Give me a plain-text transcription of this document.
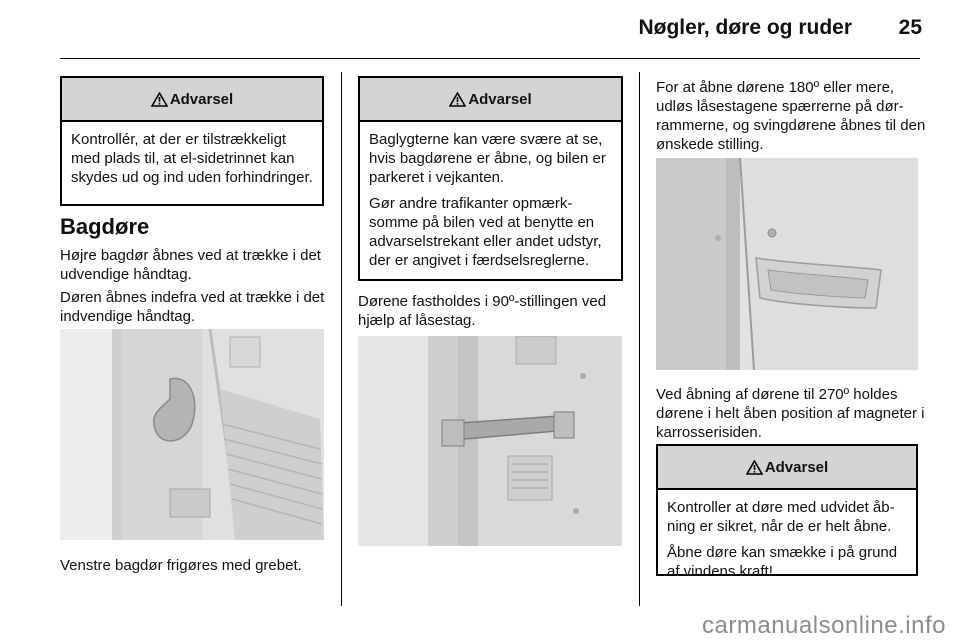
Nøgler, døre og ruder 25
Advarsel

Kontrollér, at der er tilstrækkeligt med plads til, at el-sidetrinnet kan skydes ud og ind uden forhindringer.

Bagdøre
Højre bagdør åbnes ved at trække i det udvendige håndtag.
Døren åbnes indefra ved at trække i det indvendige håndtag.
Venstre bagdør frigøres med grebet.
Advarsel

Baglygterne kan være svære at se, hvis bagdørene er åbne, og bilen er parkeret i vejkanten.

Gør andre trafikanter opmærksomme på bilen ved at benytte en advarselstrekant eller andet udstyr, der er angivet i færdselsreglerne.

Dørene fastholdes i 90º-stillingen ved hjælp af låsestag.
For at åbne dørene 180º eller mere, udløs låsestagene spærrerne på dørrammerne, og svingdørene åbnes til den ønskede stilling.
Ved åbning af dørene til 270º holdes dørene i helt åben position af magneter i karrosserisiden.
Advarsel

Kontroller at døre med udvidet åbning er sikret, når de er helt åbne.

Åbne døre kan smække i på grund af vindens kraft!

carmanualsonline.info
